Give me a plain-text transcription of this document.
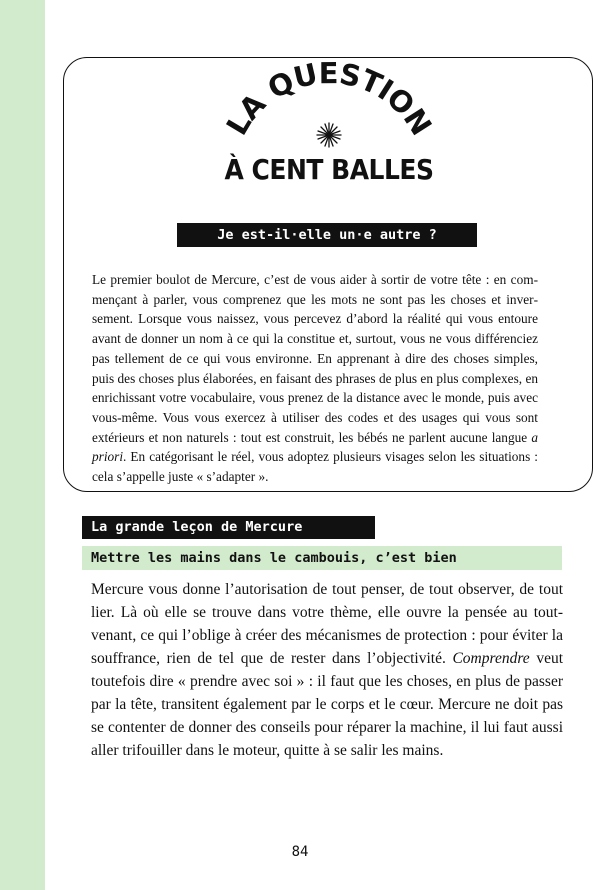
LA QUESTION
À CENT BALLES
Je est-il·elle un·e autre ?

Le premier boulot de Mercure, c’est de vous aider à sortir de votre tête : en commençant à parler, vous comprenez que les mots ne sont pas les choses et inversement. Lorsque vous naissez, vous percevez d’abord la réalité qui vous entoure avant de donner un nom à ce qui la constitue et, surtout, vous ne vous différenciez pas tellement de ce qui vous environne. En apprenant à dire des choses simples, puis des choses plus élaborées, en faisant des phrases de plus en plus complexes, en enrichissant votre vocabulaire, vous prenez de la distance avec le monde, puis avec vous-même. Vous vous exercez à utiliser des codes et des usages qui vous sont extérieurs et non naturels : tout est construit, les bébés ne parlent aucune langue a priori. En catégorisant le réel, vous adoptez plusieurs visages selon les situations : cela s’appelle juste « s’adapter ».

La grande leçon de Mercure
Mettre les mains dans le cambouis, c’est bien

Mercure vous donne l’autorisation de tout penser, de tout observer, de tout lier. Là où elle se trouve dans votre thème, elle ouvre la pensée au tout-venant, ce qui l’oblige à créer des mécanismes de protection : pour éviter la souffrance, rien de tel que de rester dans l’objectivité. Comprendre veut toutefois dire « prendre avec soi » : il faut que les choses, en plus de passer par la tête, transitent également par le corps et le cœur. Mercure ne doit pas se contenter de donner des conseils pour réparer la machine, il lui faut aussi aller trifouiller dans le moteur, quitte à se salir les mains.

84
